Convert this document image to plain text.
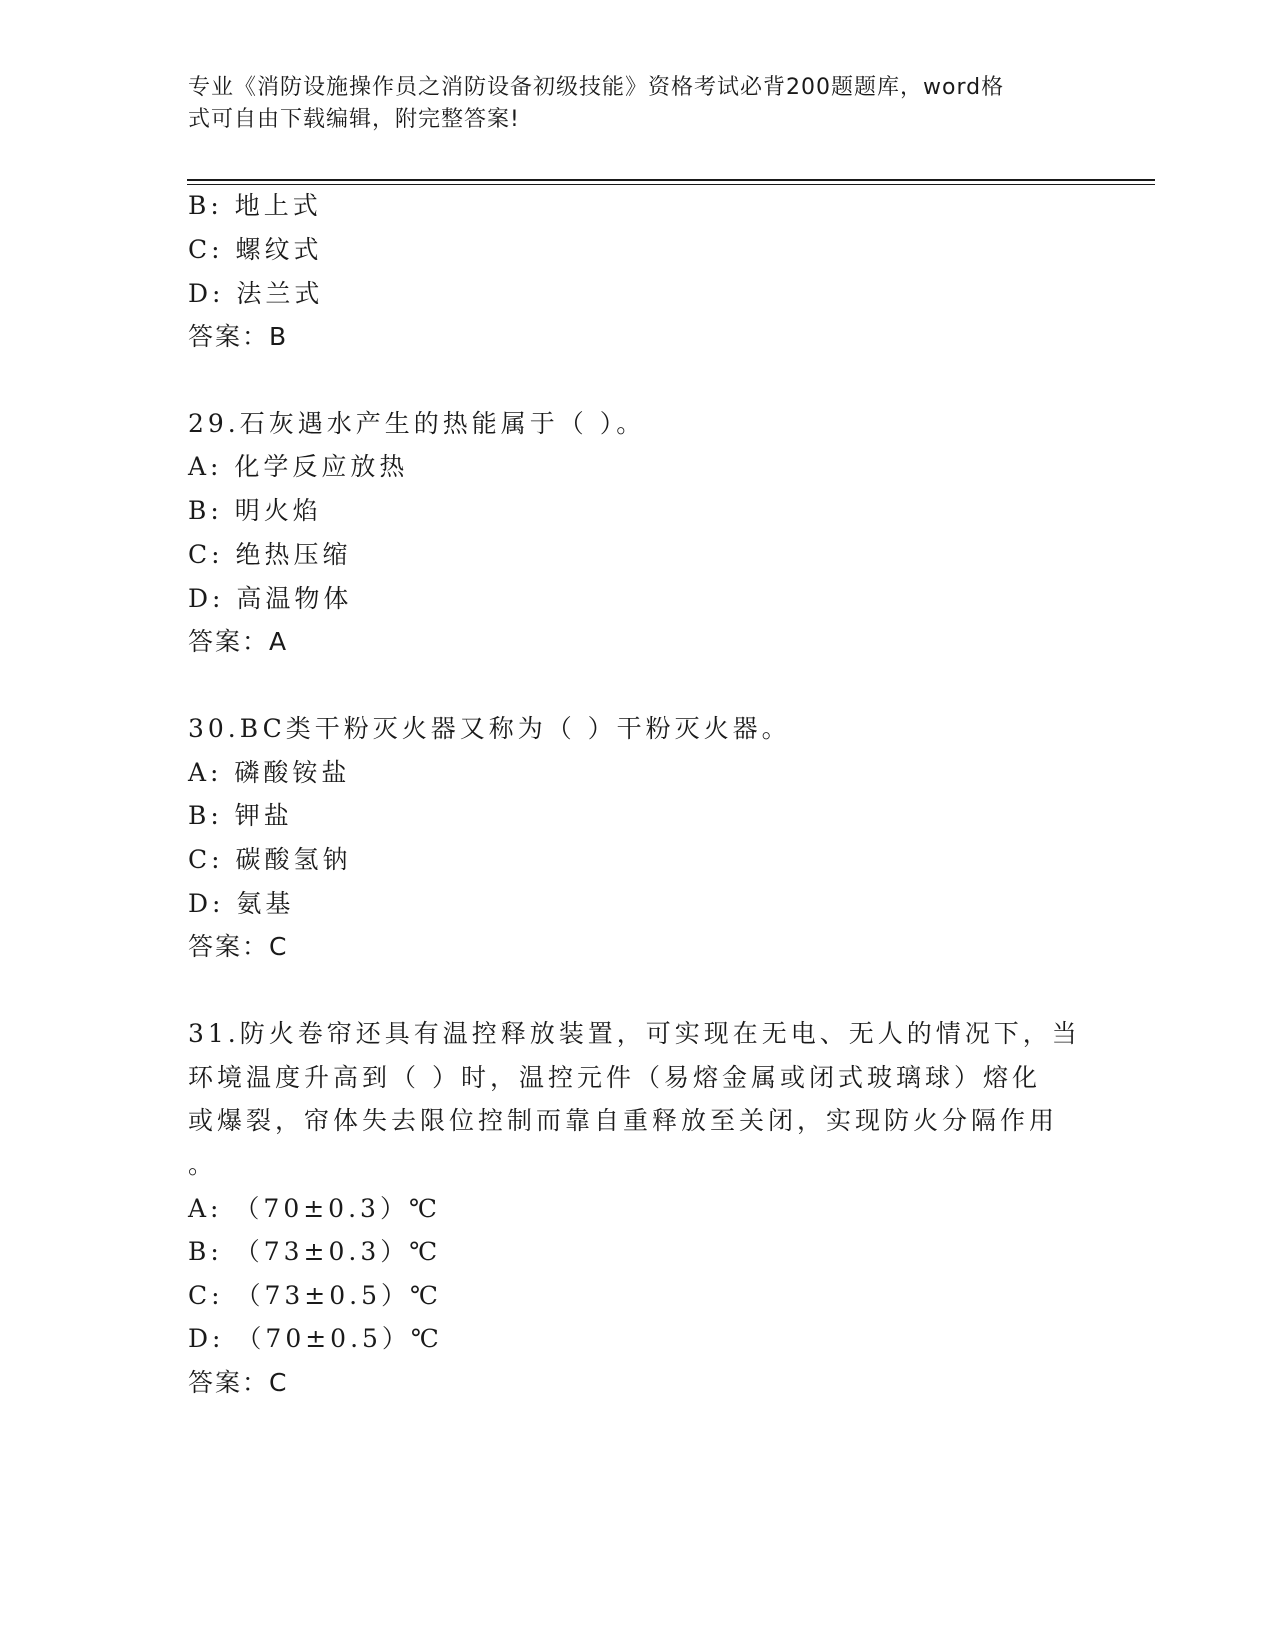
专业《消防设施操作员之消防设备初级技能》资格考试必背200题题库，word格
式可自由下载编辑，附完整答案!
B: 地上式
C: 螺纹式
D: 法兰式
答案：B
29.石灰遇水产生的热能属于（ ）。
A: 化学反应放热
B: 明火焰
C: 绝热压缩
D: 高温物体
答案：A
30.BC类干粉灭火器又称为（ ）干粉灭火器。
A: 磷酸铵盐
B: 钾盐
C: 碳酸氢钠
D: 氨基
答案：C
31.防火卷帘还具有温控释放装置，可实现在无电、无人的情况下，当
环境温度升高到（ ）时，温控元件（易熔金属或闭式玻璃球）熔化
或爆裂，帘体失去限位控制而靠自重释放至关闭，实现防火分隔作用
。
A: （70±0.3）℃
B: （73±0.3）℃
C: （73±0.5）℃
D: （70±0.5）℃
答案：C
